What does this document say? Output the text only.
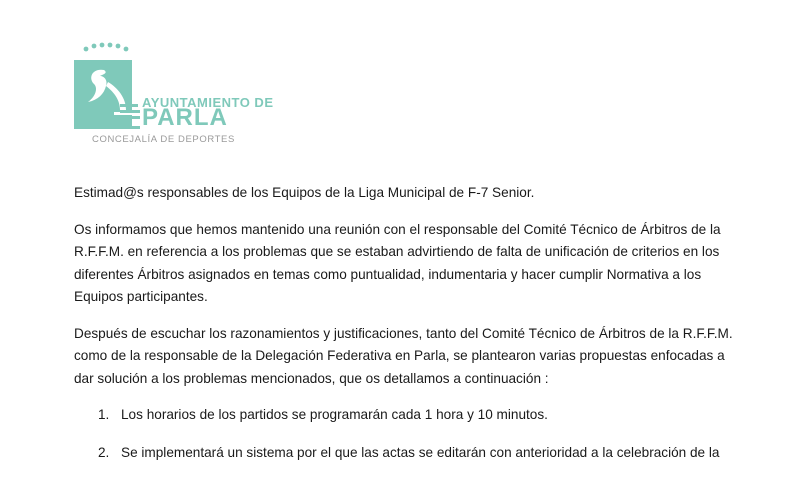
AYUNTAMIENTO DE
PARLA
CONCEJALÍA DE DEPORTES

Estimad@s responsables de los Equipos de la Liga Municipal de F-7 Senior.

Os informamos que hemos mantenido una reunión con el responsable del Comité Técnico de Árbitros de la R.F.F.M. en referencia a los problemas que se estaban advirtiendo de falta de unificación de criterios en los diferentes Árbitros asignados en temas como puntualidad, indumentaria y hacer cumplir Normativa a los Equipos participantes.

Después de escuchar los razonamientos y justificaciones, tanto del Comité Técnico de Árbitros de la R.F.F.M. como de la responsable de la Delegación Federativa en Parla, se plantearon varias propuestas enfocadas a dar solución a los problemas mencionados, que os detallamos a continuación :

1. Los horarios de los partidos se programarán cada 1 hora y 10 minutos.
2. Se implementará un sistema por el que las actas se editarán con anterioridad a la celebración de la
